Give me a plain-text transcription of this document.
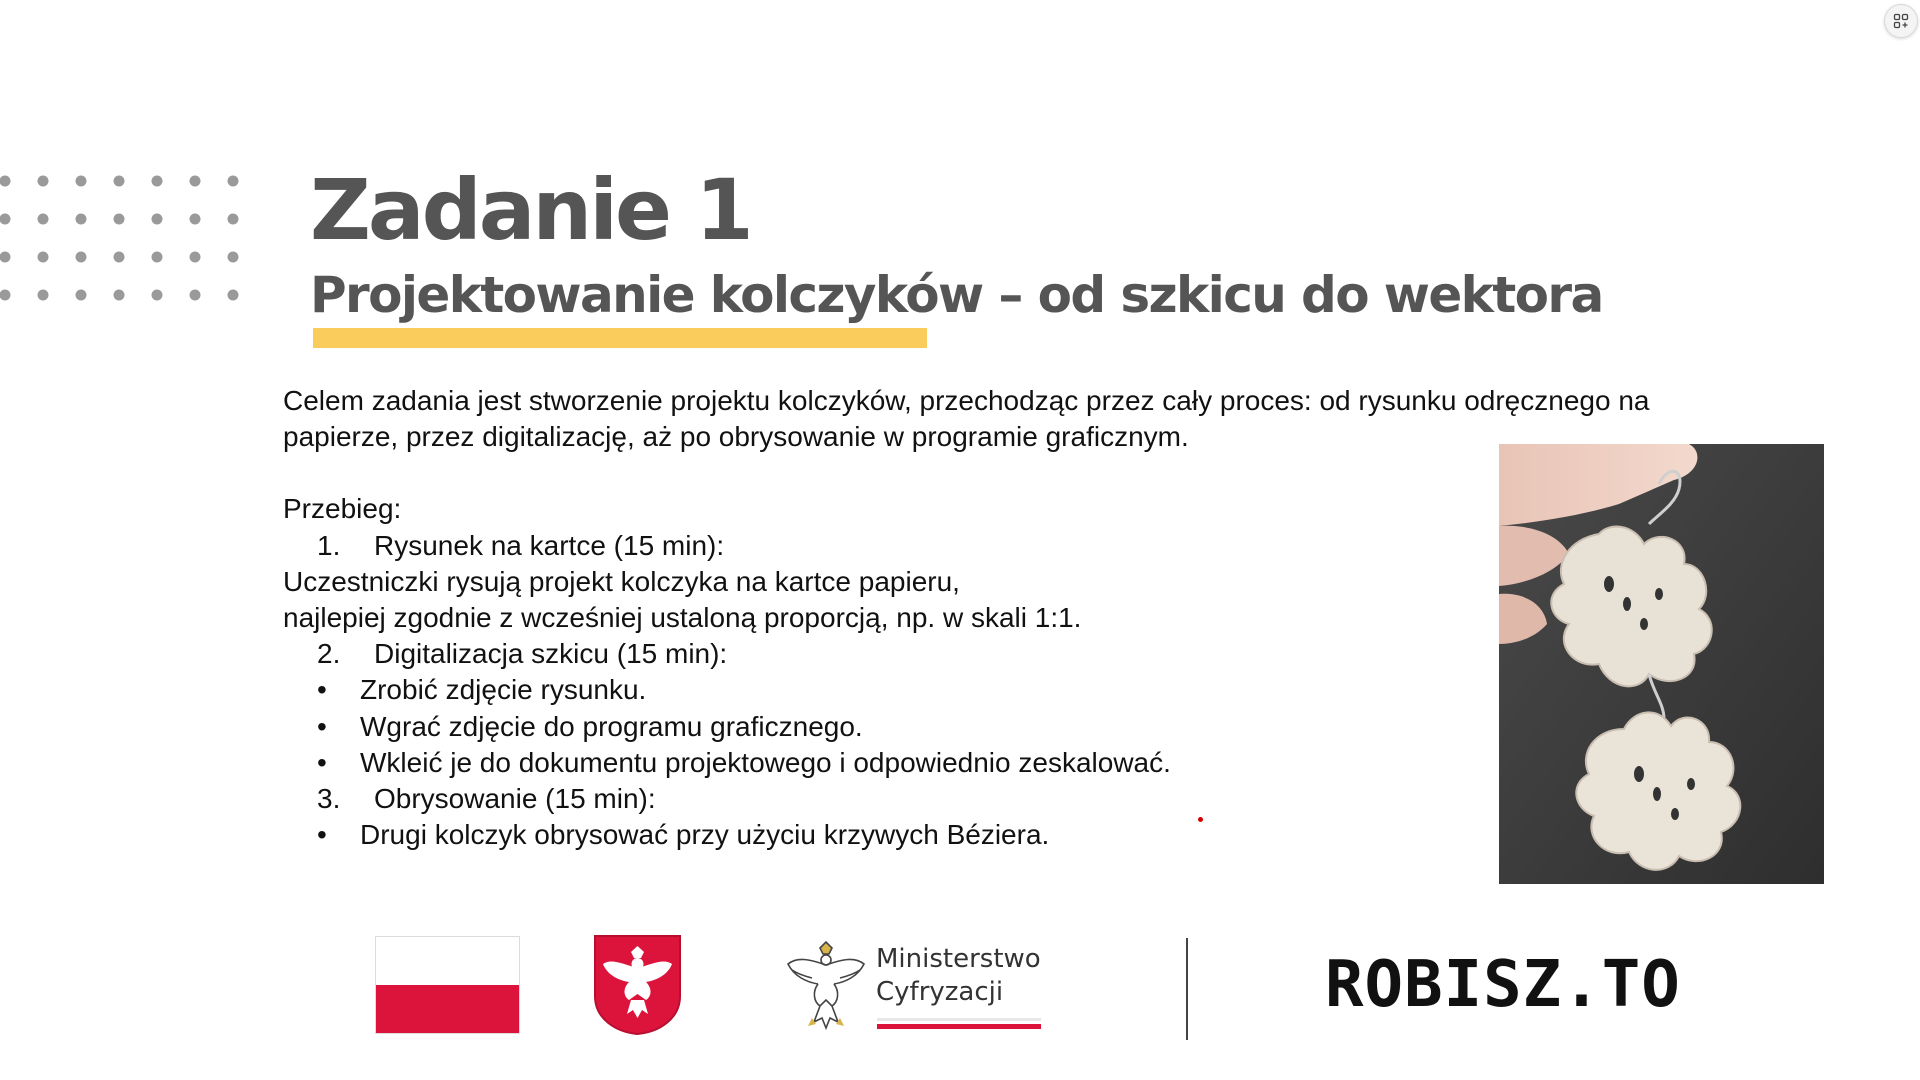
Zadanie 1
Projektowanie kolczyków – od szkicu do wektora

Celem zadania jest stworzenie projektu kolczyków, przechodząc przez cały proces: od rysunku odręcznego na

papierze, przez digitalizację, aż po obrysowanie w programie graficznym.

Przebieg:

1.	Rysunek na kartce (15 min):

Uczestniczki rysują projekt kolczyka na kartce papieru,

najlepiej zgodnie z wcześniej ustaloną proporcją, np. w skali 1:1.

2.	Digitalizacja szkicu (15 min):
•	Zrobić zdjęcie rysunku.
•	Wgrać zdjęcie do programu graficznego.
•	Wkleić je do dokumentu projektowego i odpowiednio zeskalować.
3.	Obrysowanie (15 min):
•	Drugi kolczyk obrysować przy użyciu krzywych Béziera.
Ministerstwo
Cyfryzacji	ROBISZ.TO
